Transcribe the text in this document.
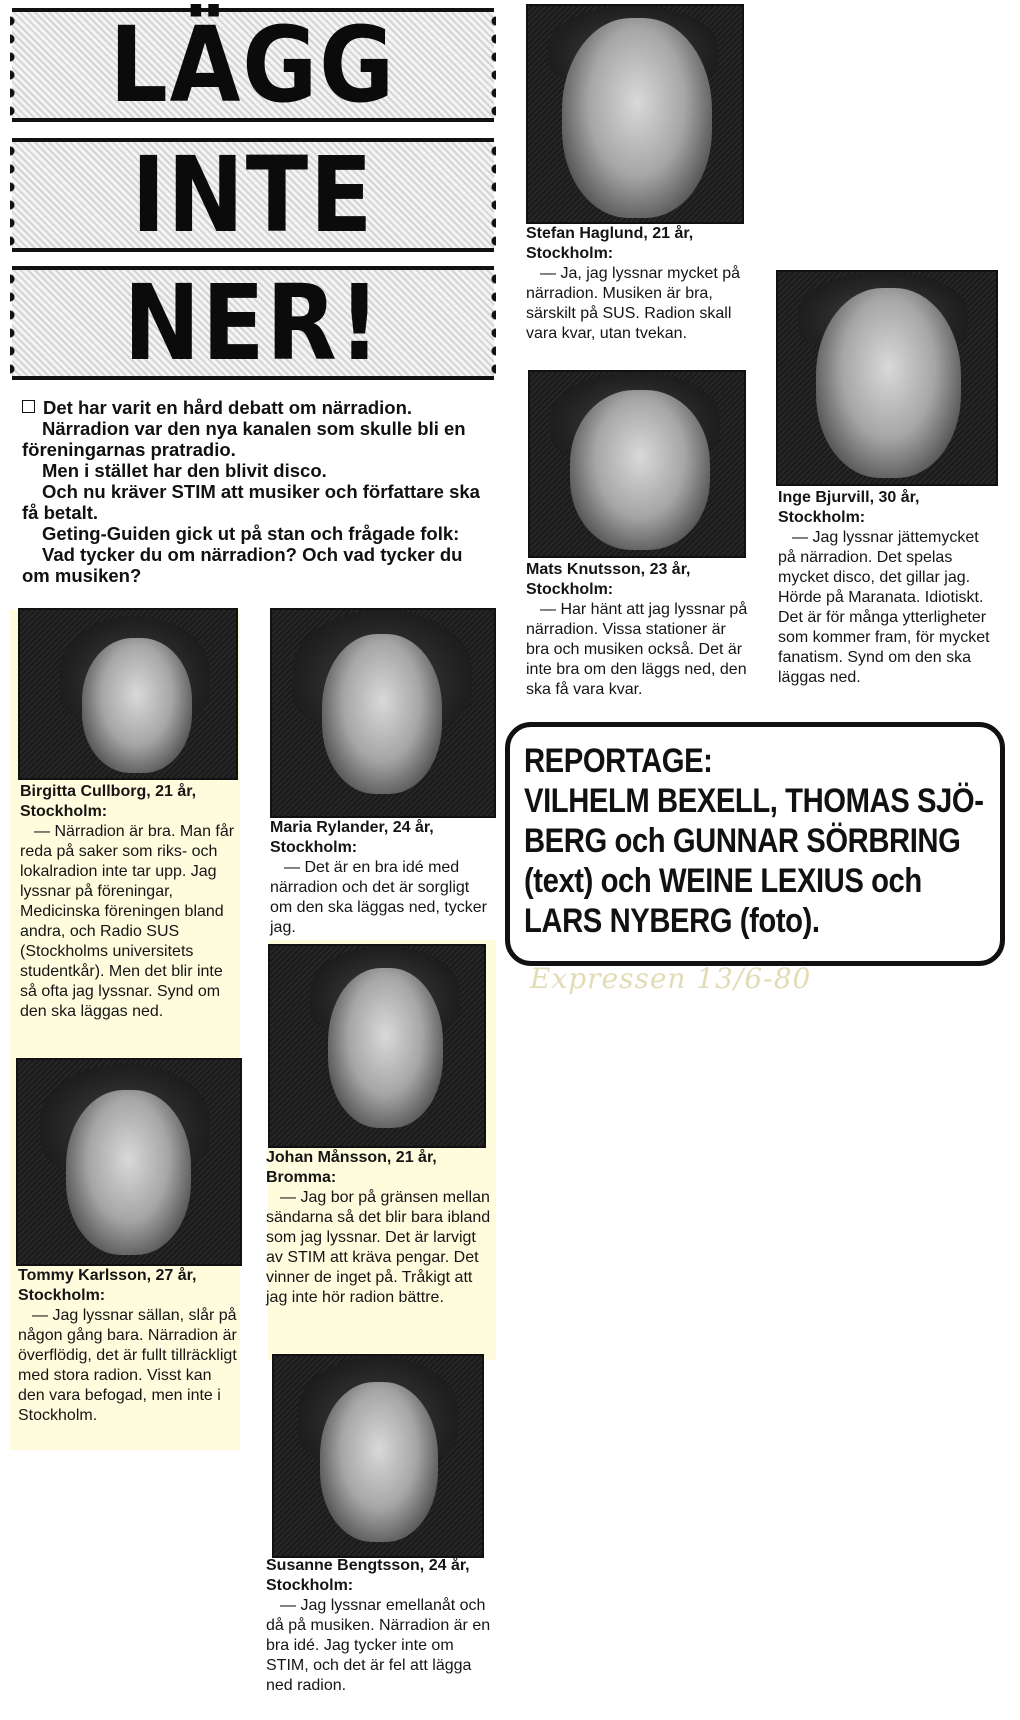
LÄGG
INTE
NER!

Det har varit en hård debatt om närradion.

Närradion var den nya kanalen som skulle bli en föreningarnas pratradio.

Men i stället har den blivit disco.

Och nu kräver STIM att musiker och författare ska få betalt.

Geting-Guiden gick ut på stan och frågade folk:

Vad tycker du om närradion? Och vad tycker du om musiken?

Birgitta Cullborg, 21 år, Stockholm:

— Närradion är bra. Man får reda på saker som riks- och lokalradion inte tar upp. Jag lyssnar på föreningar, Medicinska föreningen bland andra, och Radio SUS (Stockholms universitets studentkår). Men det blir inte så ofta jag lyssnar. Synd om den ska läggas ned.

Maria Rylander, 24 år, Stockholm:

— Det är en bra idé med närradion och det är sorgligt om den ska läggas ned, tycker jag.

Tommy Karlsson, 27 år, Stockholm:

— Jag lyssnar sällan, slår på någon gång bara. Närradion är överflödig, det är fullt tillräckligt med stora radion. Visst kan den vara befogad, men inte i Stockholm.

Johan Månsson, 21 år, Bromma:

— Jag bor på gränsen mellan sändarna så det blir bara ibland som jag lyssnar. Det är larvigt av STIM att kräva pengar. Det vinner de inget på. Tråkigt att jag inte hör radion bättre.

Susanne Bengtsson, 24 år, Stockholm:

— Jag lyssnar emellanåt och då på musiken. Närradion är en bra idé. Jag tycker inte om STIM, och det är fel att lägga ned radion.

Stefan Haglund, 21 år, Stockholm:

— Ja, jag lyssnar mycket på närradion. Musiken är bra, särskilt på SUS. Radion skall vara kvar, utan tvekan.

Mats Knutsson, 23 år, Stockholm:

— Har hänt att jag lyssnar på närradion. Vissa stationer är bra och musiken också. Det är inte bra om den läggs ned, den ska få vara kvar.

Inge Bjurvill, 30 år, Stockholm:

— Jag lyssnar jättemycket på närradion. Det spelas mycket disco, det gillar jag. Hörde på Maranata. Idiotiskt. Det är för många ytterligheter som kommer fram, för mycket fanatism. Synd om den ska läggas ned.

REPORTAGE:
VILHELM BEXELL, THOMAS SJÖ-
BERG och GUNNAR SÖRBRING
(text) och WEINE LEXIUS och
LARS NYBERG (foto).
Expressen 13/6-80
